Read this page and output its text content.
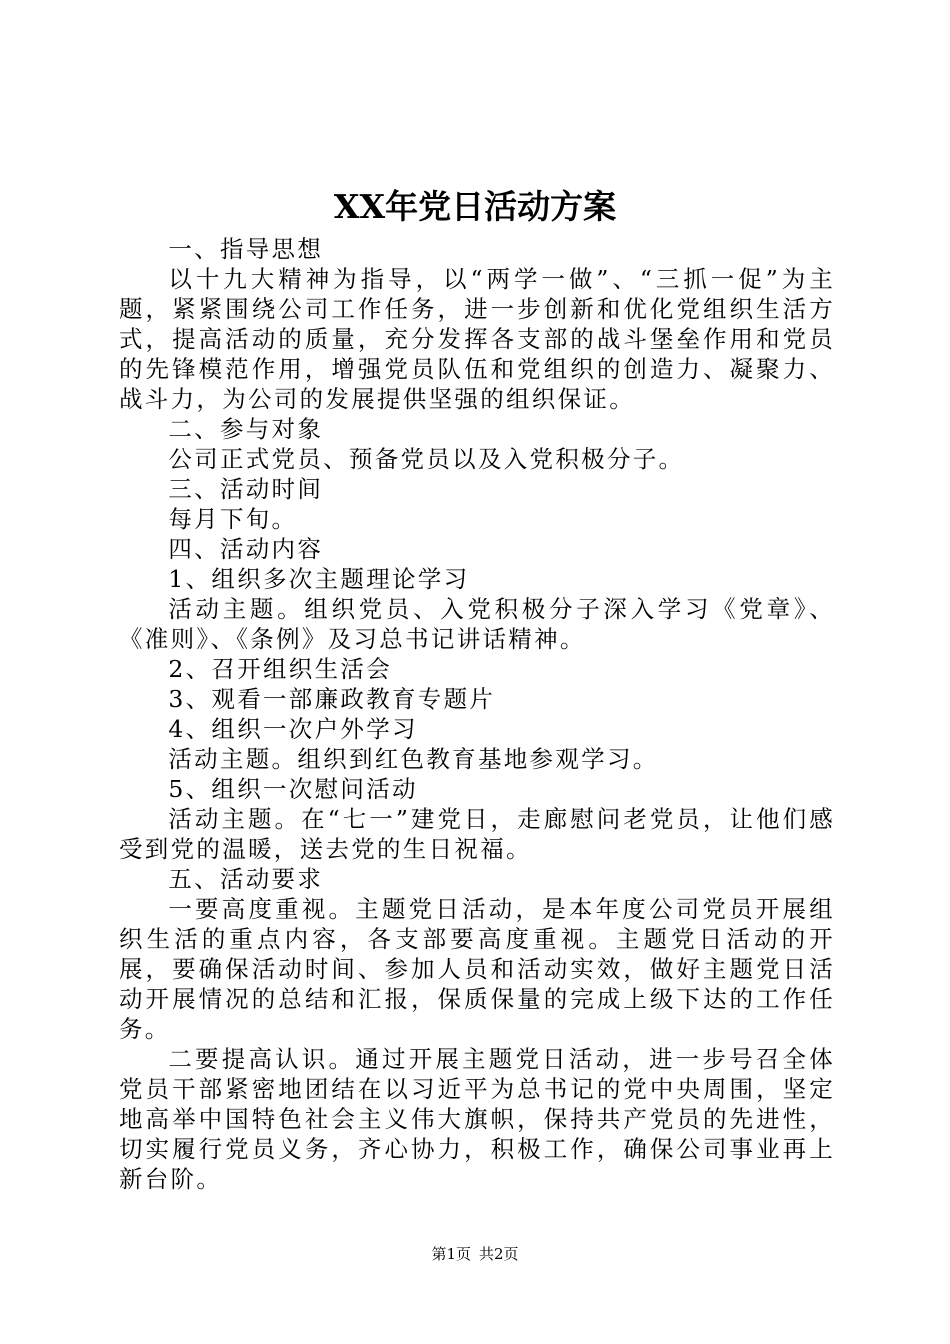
XX年党日活动方案

一、指导思想

以十九大精神为指导，以“两学一做”、“三抓一促”为主题，紧紧围绕公司工作任务，进一步创新和优化党组织生活方式，提高活动的质量，充分发挥各支部的战斗堡垒作用和党员的先锋模范作用，增强党员队伍和党组织的创造力、凝聚力、战斗力，为公司的发展提供坚强的组织保证。

二、参与对象

公司正式党员、预备党员以及入党积极分子。

三、活动时间

每月下旬。

四、活动内容

1、组织多次主题理论学习

活动主题。组织党员、入党积极分子深入学习《党章》、《准则》、《条例》及习总书记讲话精神。

2、召开组织生活会

3、观看一部廉政教育专题片

4、组织一次户外学习

活动主题。组织到红色教育基地参观学习。

5、组织一次慰问活动

活动主题。在“七一”建党日，走廊慰问老党员，让他们感受到党的温暖，送去党的生日祝福。

五、活动要求

一要高度重视。主题党日活动，是本年度公司党员开展组织生活的重点内容，各支部要高度重视。主题党日活动的开展，要确保活动时间、参加人员和活动实效，做好主题党日活动开展情况的总结和汇报，保质保量的完成上级下达的工作任务。

二要提高认识。通过开展主题党日活动，进一步号召全体党员干部紧密地团结在以习近平为总书记的党中央周围，坚定地高举中国特色社会主义伟大旗帜，保持共产党员的先进性，切实履行党员义务，齐心协力，积极工作，确保公司事业再上新台阶。

第1页 共2页
